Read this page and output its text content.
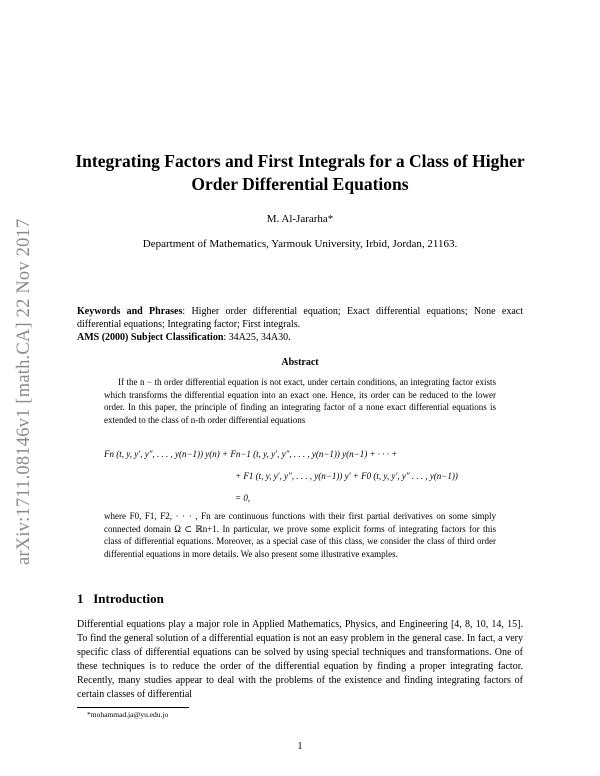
arXiv:1711.08146v1 [math.CA] 22 Nov 2017
Integrating Factors and First Integrals for a Class of Higher Order Differential Equations
M. Al-Jararha*
Department of Mathematics, Yarmouk University, Irbid, Jordan, 21163.
Keywords and Phrases: Higher order differential equation; Exact differential equations; None exact differential equations; Integrating factor; First integrals.
AMS (2000) Subject Classification: 34A25, 34A30.
Abstract
If the n − th order differential equation is not exact, under certain conditions, an integrating factor exists which transforms the differential equation into an exact one. Hence, its order can be reduced to the lower order. In this paper, the principle of finding an integrating factor of a none exact differential equations is extended to the class of n-th order differential equations
Fn (t, y, y′, y″, . . . , y(n−1)) y(n) + Fn−1 (t, y, y′, y″, . . . , y(n−1)) y(n−1) + · · · +
+ F1 (t, y, y′, y″, . . . , y(n−1)) y′ + F0 (t, y, y′, y″ . . . , y(n−1))
= 0,
where F0, F1, F2, · · · , Fn are continuous functions with their first partial derivatives on some simply connected domain Ω ⊂ ℝn+1. In particular, we prove some explicit forms of integrating factors for this class of differential equations. Moreover, as a special case of this class, we consider the class of third order differential equations in more details. We also present some illustrative examples.
1 Introduction
Differential equations play a major role in Applied Mathematics, Physics, and Engineering [4, 8, 10, 14, 15]. To find the general solution of a differential equation is not an easy problem in the general case. In fact, a very specific class of differential equations can be solved by using special techniques and transformations. One of these techniques is to reduce the order of the differential equation by finding a proper integrating factor. Recently, many studies appear to deal with the problems of the existence and finding integrating factors of certain classes of differential
*mohammad.ja@yu.edu.jo
1
